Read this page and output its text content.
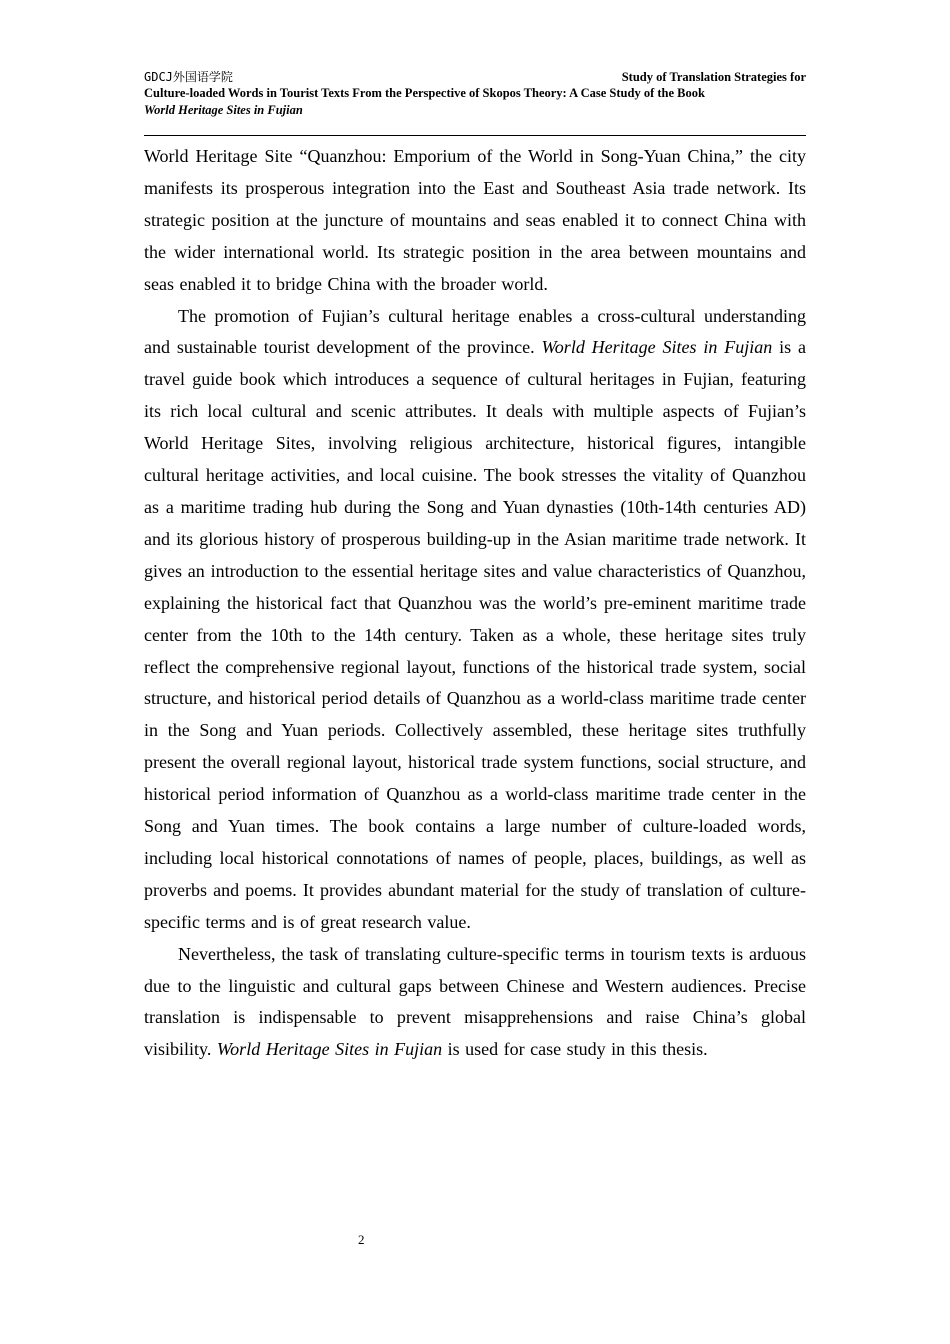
GDCJ外国语学院	Study of Translation Strategies for
Culture-loaded Words in Tourist Texts From the Perspective of Skopos Theory: A Case Study of the Book
World Heritage Sites in Fujian

World Heritage Site “Quanzhou: Emporium of the World in Song-Yuan China,” the city manifests its prosperous integration into the East and Southeast Asia trade network. Its strategic position at the juncture of mountains and seas enabled it to connect China with the wider international world. Its strategic position in the area between mountains and seas enabled it to bridge China with the broader world.

The promotion of Fujian’s cultural heritage enables a cross-cultural understanding and sustainable tourist development of the province. World Heritage Sites in Fujian is a travel guide book which introduces a sequence of cultural heritages in Fujian, featuring its rich local cultural and scenic attributes. It deals with multiple aspects of Fujian’s World Heritage Sites, involving religious architecture, historical figures, intangible cultural heritage activities, and local cuisine. The book stresses the vitality of Quanzhou as a maritime trading hub during the Song and Yuan dynasties (10th-14th centuries AD) and its glorious history of prosperous building-up in the Asian maritime trade network. It gives an introduction to the essential heritage sites and value characteristics of Quanzhou, explaining the historical fact that Quanzhou was the world’s pre-eminent maritime trade center from the 10th to the 14th century. Taken as a whole, these heritage sites truly reflect the comprehensive regional layout, functions of the historical trade system, social structure, and historical period details of Quanzhou as a world-class maritime trade center in the Song and Yuan periods. Collectively assembled, these heritage sites truthfully present the overall regional layout, historical trade system functions, social structure, and historical period information of Quanzhou as a world-class maritime trade center in the Song and Yuan times. The book contains a large number of culture-loaded words, including local historical connotations of names of people, places, buildings, as well as proverbs and poems. It provides abundant material for the study of translation of culture-specific terms and is of great research value.

Nevertheless, the task of translating culture-specific terms in tourism texts is arduous due to the linguistic and cultural gaps between Chinese and Western audiences. Precise translation is indispensable to prevent misapprehensions and raise China’s global visibility. World Heritage Sites in Fujian is used for case study in this thesis.

2
